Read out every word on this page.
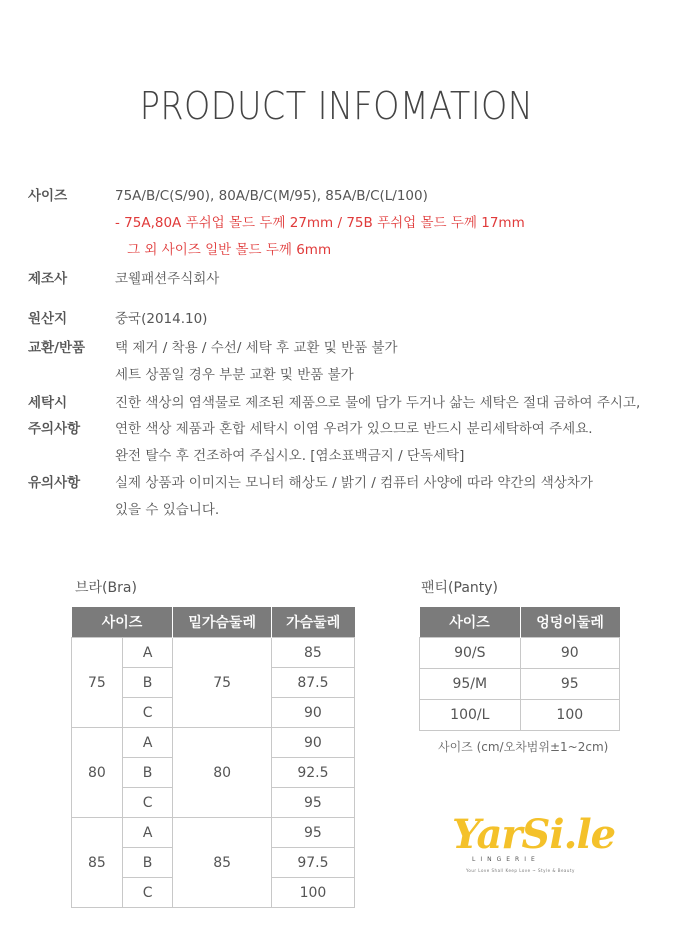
PRODUCT INFOMATION
사이즈	75A/B/C(S/90), 80A/B/C(M/95), 85A/B/C(L/100)
- 75A,80A 푸쉬업 몰드 두께 27mm / 75B 푸쉬업 몰드 두께 17mm
그 외 사이즈 일반 몰드 두께 6mm
제조사	코웰패션주식회사
원산지	중국(2014.10)
교환/반품 택 제거 / 착용 / 수선/ 세탁 후 교환 및 반품 불가
세트 상품일 경우 부분 교환 및 반품 불가
세탁시	진한 색상의 염색물로 제조된 제품으로 물에 담가 두거나 삶는 세탁은 절대 금하여 주시고,
주의사항	연한 색상 제품과 혼합 세탁시 이염 우려가 있으므로 반드시 분리세탁하여 주세요.
완전 탈수 후 건조하여 주십시오. [염소표백금지 / 단독세탁]
유의사항	실제 상품과 이미지는 모니터 해상도 / 밝기 / 컴퓨터 사양에 따라 약간의 색상차가
있을 수 있습니다.
브라(Bra)
사이즈		밑가슴둘레	가슴둘레
75	A	75	85
	B		87.5
	C		90
80	A	80	90
	B		92.5
	C		95
85	A	85	95
	B		97.5
	C		100
팬티(Panty)
사이즈	엉덩이둘레
90/S	90
95/M	95
100/L	100
사이즈 (cm/오차범위±1~2cm)
YarSi.le
LINGERIE
Your Love Shall Keep Love ~ Style & Beauty
